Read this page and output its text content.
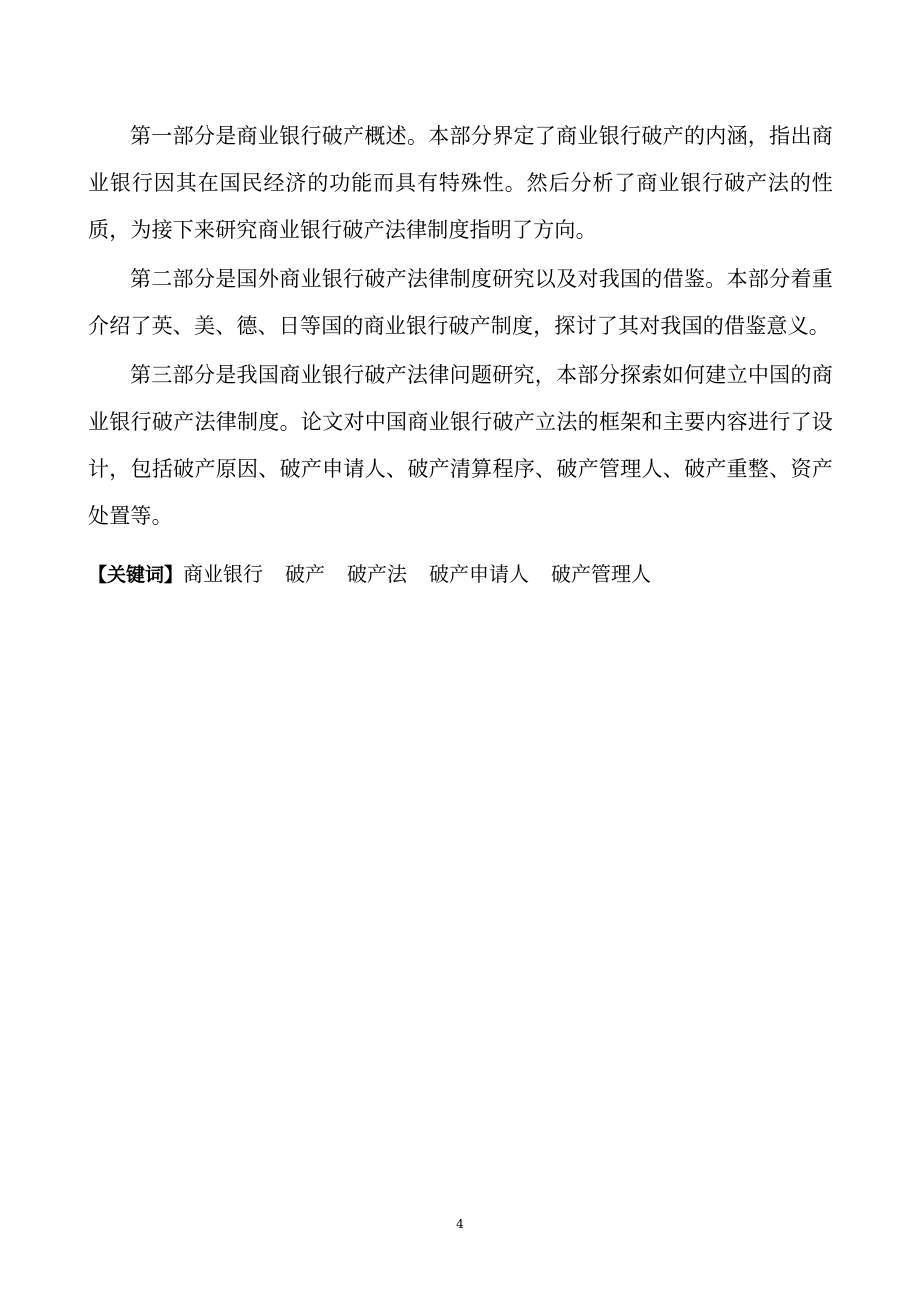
第一部分是商业银行破产概述。本部分界定了商业银行破产的内涵，指出商业银行因其在国民经济的功能而具有特殊性。然后分析了商业银行破产法的性质，为接下来研究商业银行破产法律制度指明了方向。

第二部分是国外商业银行破产法律制度研究以及对我国的借鉴。本部分着重介绍了英、美、德、日等国的商业银行破产制度，探讨了其对我国的借鉴意义。

第三部分是我国商业银行破产法律问题研究，本部分探索如何建立中国的商业银行破产法律制度。论文对中国商业银行破产立法的框架和主要内容进行了设计，包括破产原因、破产申请人、破产清算程序、破产管理人、破产重整、资产处置等。

【关键词】商业银行 破产 破产法 破产申请人 破产管理人
4
